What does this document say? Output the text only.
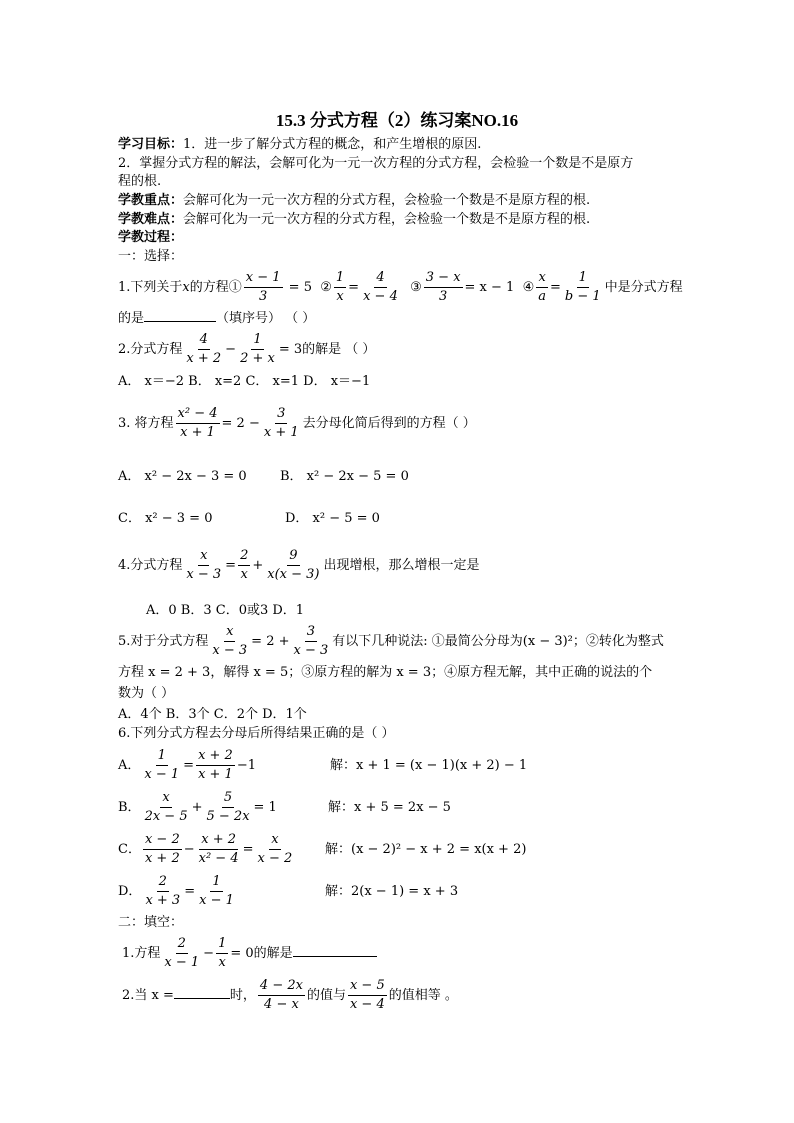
15.3 分式方程（2）练习案NO.16
学习目标：1．进一步了解分式方程的概念，和产生增根的原因.
2．掌握分式方程的解法，会解可化为一元一次方程的分式方程，会检验一个数是不是原方
程的根.
学教重点：会解可化为一元一次方程的分式方程，会检验一个数是不是原方程的根.
学教难点：会解可化为一元一次方程的分式方程，会检验一个数是不是原方程的根.
学教过程：
一：选择：
1.下列关于x的方程① $\frac{x - 1}{3} = 5$  ② $\frac{1}{x} = \frac{4}{x - 4}$ ③ $\frac{3 - x}{3} = x - 1$  ④ $\frac{x}{a} = \frac{1}{b - 1}$ 中是分式方程
的是	（填序号） （ ）
2.分式方程 $\frac{4}{x + 2} - \frac{1}{2 + x} = 3$的解是 （ ）
A． x＝−2 B． x=2 C． x=1 D． x＝−1
3. 将方程 $\frac{\text{x² − 4}}{x + 1} = 2 - \frac{3}{x + 1}$ 去分母化简后得到的方程（ ）
A． x² − 2x − 3 = 0	B． x² − 2x − 5 = 0
C． x² − 3 = 0	D． x² − 5 = 0
4.分式方程 $\frac{x}{x - 3} = \frac{2}{x} + \frac{9}{x(x - 3)}$ 出现增根，那么增根一定是
A．0 B．3 C．0或3 D．1
5.对于分式方程 $\frac{x}{x - 3} = 2 + \frac{3}{x - 3}$ 有以下几种说法: ①最简公分母为(x − 3)²；②转化为整式
方程 x = 2 + 3，解得 x = 5；③原方程的解为 x = 3；④原方程无解，其中正确的说法的个
数为（ ）
A．4个 B．3个 C．2个 D．1个
6.下列分式方程去分母后所得结果正确的是（ ）
A． $\frac{1}{x - 1} = \frac{x + 2}{x + 1} -1$	解：x + 1 = (x − 1)(x + 2) − 1
B． $\frac{x}{2x - 5} + \frac{5}{5 - 2x} = 1$	解：x + 5 = 2x − 5
C． $\frac{x - 2}{x + 2} - \frac{x + 2}{\text{x² − 4}} = \frac{x}{x - 2}$ 解：(x − 2)² − x + 2 = x(x + 2)
D． $\frac{2}{x + 3} = \frac{1}{x - 1}$	解：2(x − 1) = x + 3
二：填空：
1.方程 $\frac{2}{x - 1} - \frac{1}{x} = 0$的解是
2.当 x =	时， $\frac{4 - 2x}{4 - x}$ 的值与 $\frac{x - 5}{x - 4}$ 的值相等 。
